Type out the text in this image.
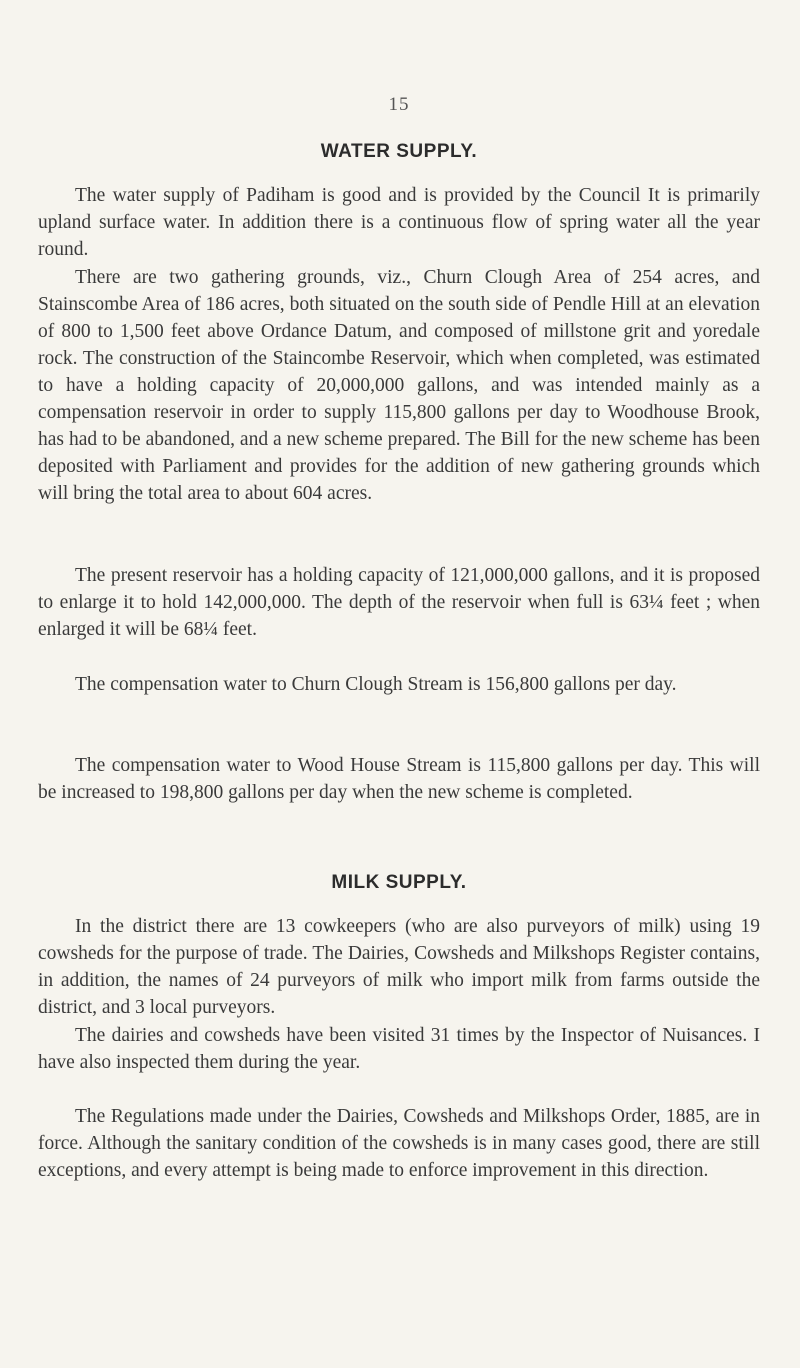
15
WATER SUPPLY.

The water supply of Padiham is good and is provided by the Council It is primarily upland surface water. In addition there is a continuous flow of spring water all the year round.

There are two gathering grounds, viz., Churn Clough Area of 254 acres, and Stainscombe Area of 186 acres, both situated on the south side of Pendle Hill at an elevation of 800 to 1,500 feet above Ordance Datum, and composed of millstone grit and yoredale rock. The construction of the Staincombe Reservoir, which when completed, was estimated to have a holding capacity of 20,000,000 gallons, and was intended mainly as a compensation reservoir in order to supply 115,800 gallons per day to Woodhouse Brook, has had to be abandoned, and a new scheme prepared. The Bill for the new scheme has been deposited with Parliament and provides for the addition of new gathering grounds which will bring the total area to about 604 acres.

The present reservoir has a holding capacity of 121,000,000 gallons, and it is proposed to enlarge it to hold 142,000,000. The depth of the reservoir when full is 63¼ feet ; when enlarged it will be 68¼ feet.

The compensation water to Churn Clough Stream is 156,800 gallons per day.

The compensation water to Wood House Stream is 115,800 gallons per day. This will be increased to 198,800 gallons per day when the new scheme is completed.

MILK SUPPLY.

In the district there are 13 cowkeepers (who are also purveyors of milk) using 19 cowsheds for the purpose of trade. The Dairies, Cowsheds and Milkshops Register contains, in addition, the names of 24 purveyors of milk who import milk from farms outside the district, and 3 local purveyors.

The dairies and cowsheds have been visited 31 times by the Inspector of Nuisances. I have also inspected them during the year.

The Regulations made under the Dairies, Cowsheds and Milkshops Order, 1885, are in force. Although the sanitary condition of the cowsheds is in many cases good, there are still exceptions, and every attempt is being made to enforce improvement in this direction.
